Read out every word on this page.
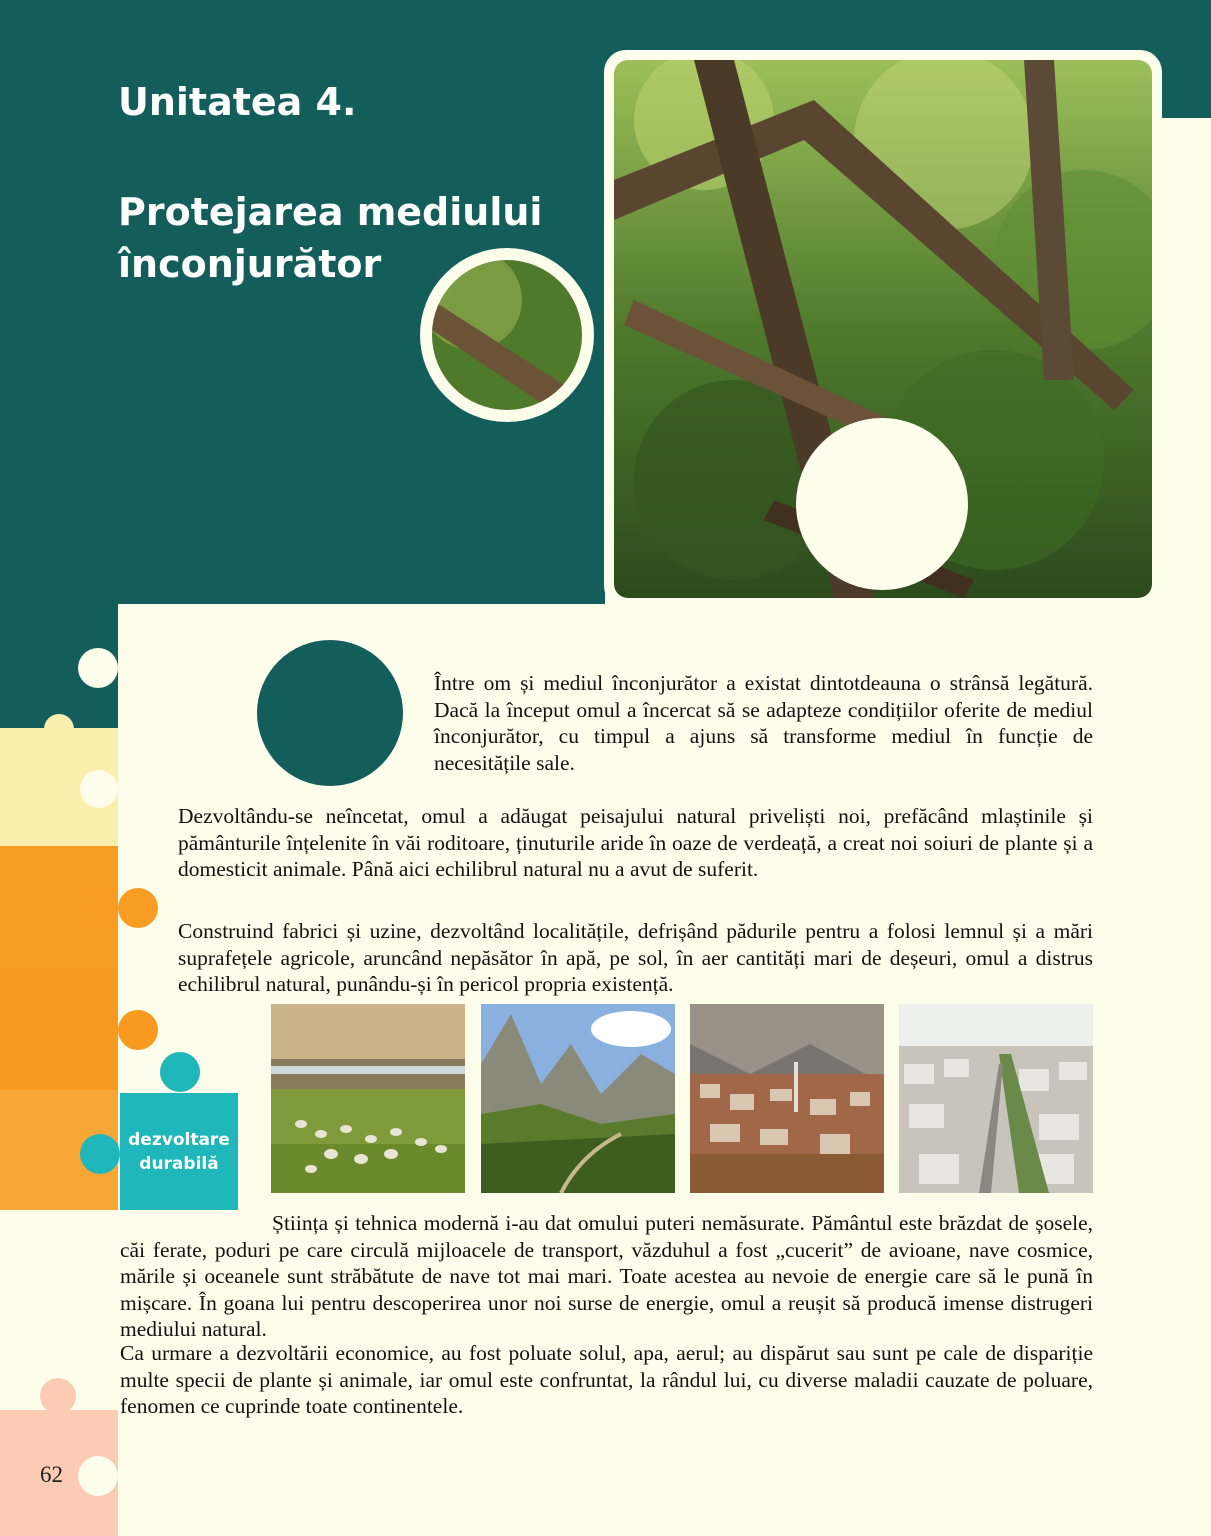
Unitatea 4.
Protejarea mediului înconjurător

Între om și mediul înconjurător a existat dintotdeauna o strânsă legătură. Dacă la început omul a încercat să se adapteze condițiilor oferite de mediul înconjurător, cu timpul a ajuns să transforme mediul în funcție de necesitățile sale.

Dezvoltându-se neîncetat, omul a adăugat peisajului natural priveliști noi, prefăcând mlaștinile și pământurile înțelenite în văi roditoare, ținuturile aride în oaze de verdeață, a creat noi soiuri de plante și a domesticit animale. Până aici echilibrul natural nu a avut de suferit.

Construind fabrici și uzine, dezvoltând localitățile, defrișând pădurile pentru a folosi lemnul și a mări suprafețele agricole, aruncând nepăsător în apă, pe sol, în aer cantități mari de deșeuri, omul a distrus echilibrul natural, punându-și în pericol propria existență.

dezvoltare
durabilă

Știința și tehnica modernă i-au dat omului puteri nemăsurate. Pământul este brăzdat de șosele, căi ferate, poduri pe care circulă mijloacele de transport, văzduhul a fost „cucerit” de avioane, nave cosmice, mările și oceanele sunt străbătute de nave tot mai mari. Toate acestea au nevoie de energie care să le pună în mișcare. În goana lui pentru descoperirea unor noi surse de energie, omul a reușit să producă imense distrugeri mediului natural.

Ca urmare a dezvoltării economice, au fost poluate solul, apa, aerul; au dispărut sau sunt pe cale de dispariție multe specii de plante și animale, iar omul este confruntat, la rândul lui, cu diverse maladii cauzate de poluare, fenomen ce cuprinde toate continentele.

62
